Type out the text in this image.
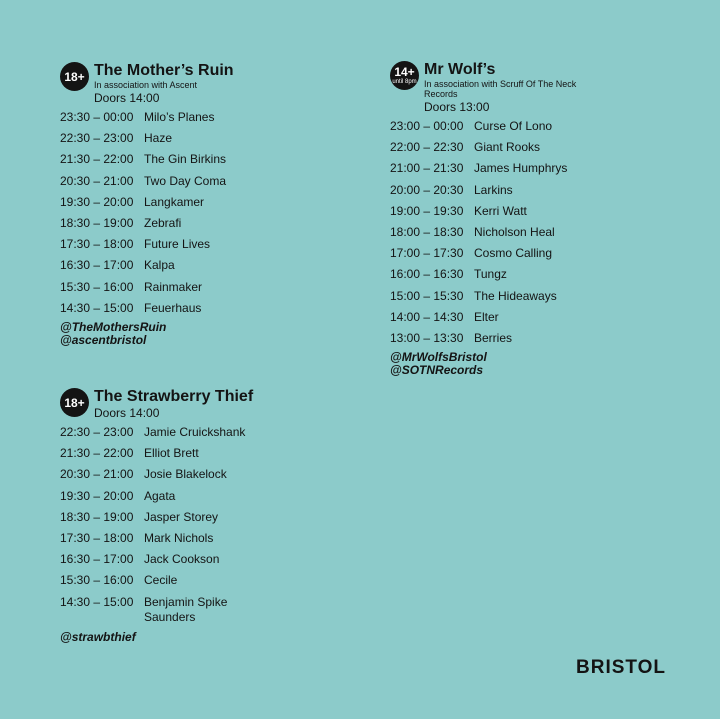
18+ The Mother’s Ruin
In association with Ascent
Doors 14:00
23:30 – 00:00 Milo’s Planes
22:30 – 23:00 Haze
21:30 – 22:00 The Gin Birkins
20:30 – 21:00 Two Day Coma
19:30 – 20:00 Langkamer
18:30 – 19:00 Zebrafi
17:30 – 18:00 Future Lives
16:30 – 17:00 Kalpa
15:30 – 16:00 Rainmaker
14:30 – 15:00 Feuerhaus
@TheMothersRuin
@ascentbristol
18+ The Strawberry Thief
Doors 14:00
22:30 – 23:00 Jamie Cruickshank
21:30 – 22:00 Elliot Brett
20:30 – 21:00 Josie Blakelock
19:30 – 20:00 Agata
18:30 – 19:00 Jasper Storey
17:30 – 18:00 Mark Nichols
16:30 – 17:00 Jack Cookson
15:30 – 16:00 Cecile
14:30 – 15:00 Benjamin Spike Saunders
@strawbthief
14+
until 8pm
Mr Wolf’s
In association with Scruff Of The Neck Records
Doors 13:00
23:00 – 00:00 Curse Of Lono
22:00 – 22:30 Giant Rooks
21:00 – 21:30 James Humphrys
20:00 – 20:30 Larkins
19:00 – 19:30 Kerri Watt
18:00 – 18:30 Nicholson Heal
17:00 – 17:30 Cosmo Calling
16:00 – 16:30 Tungz
15:00 – 15:30 The Hideaways
14:00 – 14:30 Elter
13:00 – 13:30 Berries
@MrWolfsBristol
@SOTNRecords
BRISTOL
